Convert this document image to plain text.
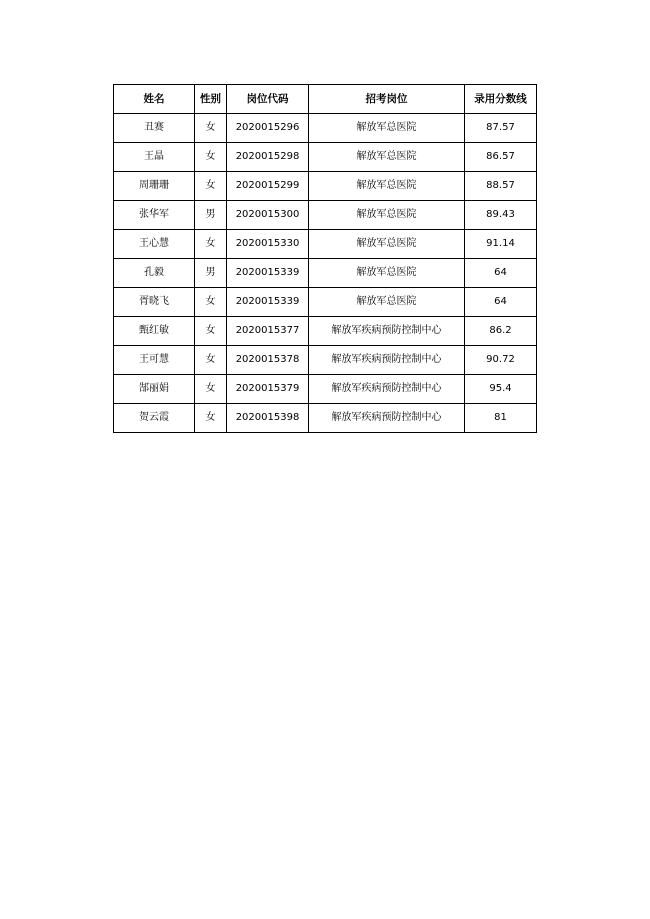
姓名	性别	岗位代码	招考岗位	录用分数线
丑赛	女	2020015296	解放军总医院	87.57
王晶	女	2020015298	解放军总医院	86.57
周珊珊	女	2020015299	解放军总医院	88.57
张华军	男	2020015300	解放军总医院	89.43
王心慧	女	2020015330	解放军总医院	91.14
孔毅	男	2020015339	解放军总医院	64
胥晓飞	女	2020015339	解放军总医院	64
甄红敏	女	2020015377	解放军疾病预防控制中心	86.2
王可慧	女	2020015378	解放军疾病预防控制中心	90.72
郜丽娟	女	2020015379	解放军疾病预防控制中心	95.4
贺云霞	女	2020015398	解放军疾病预防控制中心	81
